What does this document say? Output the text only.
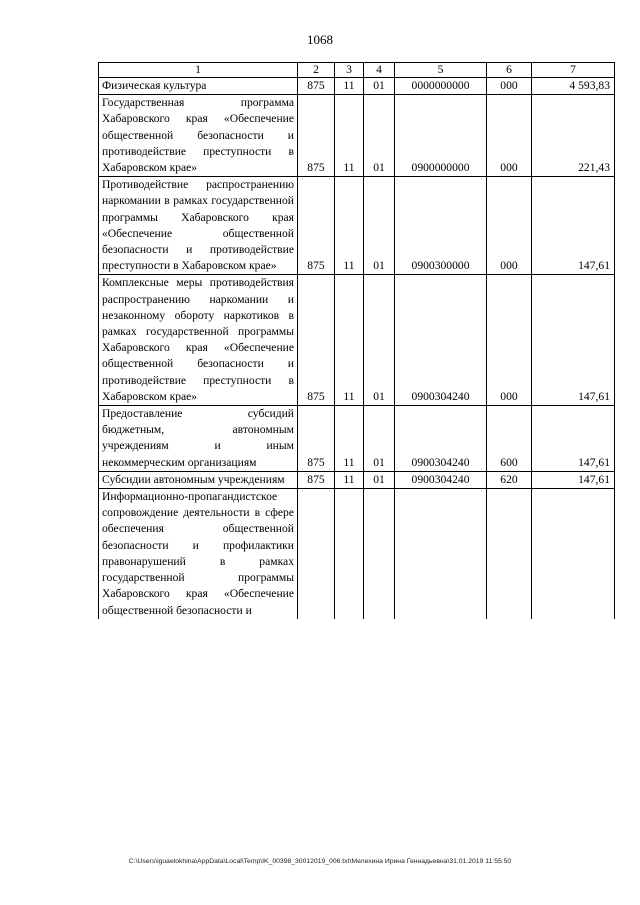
1068
1	2	3	4	5	6	7
Физическая культура	875	11	01	0000000000	000	4 593,83
Государственная программа Хабаровского края «Обеспечение общественной безопасности и противодействие преступности в Хабаровском крае»	875	11	01	0900000000	000	221,43
Противодействие распространению наркомании в рамках государственной программы Хабаровского края «Обеспечение общественной безопасности и противодействие преступности в Хабаровском крае»	875	11	01	0900300000	000	147,61
Комплексные меры противодействия распространению наркомании и незаконному обороту наркотиков в рамках государственной программы Хабаровского края «Обеспечение общественной безопасности и противодействие преступности в Хабаровском крае»	875	11	01	0900304240	000	147,61
Предоставление субсидий бюджетным, автономным учреждениям и иным некоммерческим организациям	875	11	01	0900304240	600	147,61
Субсидии автономным учреждениям	875	11	01	0900304240	620	147,61
Информационно-пропагандистское сопровождение деятельности в сфере обеспечения общественной безопасности и профилактики правонарушений в рамках государственной программы Хабаровского края «Обеспечение общественной безопасности и						
C:\Users\iguaelokhina\AppData\Local\Temp\IK_00398_30012019_006.txt\Мелехина Ирина Геннадьевна\31.01.2019 11:55:50
